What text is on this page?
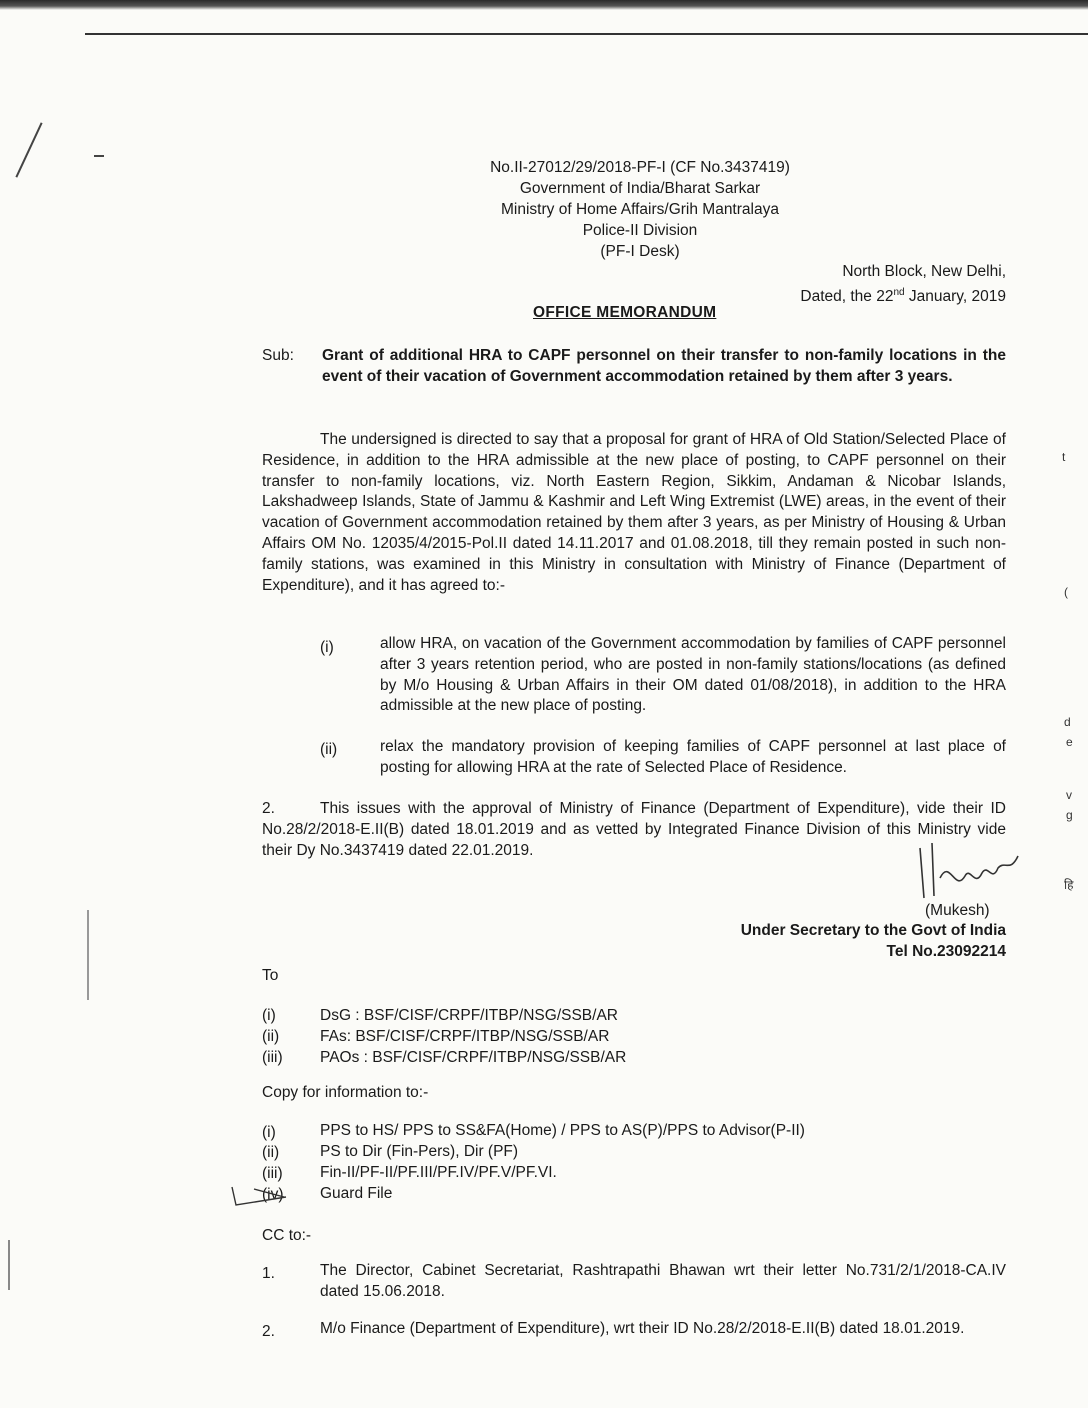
t
(
d
e
v
g
हि
No.II-27012/29/2018-PF-I (CF No.3437419)
Government of India/Bharat Sarkar
Ministry of Home Affairs/Grih Mantralaya
Police-II Division
(PF-I Desk)
North Block, New Delhi,
Dated, the 22nd January, 2019
OFFICE MEMORANDUM
Sub: Grant of additional HRA to CAPF personnel on their transfer to non-family locations in the event of their vacation of Government accommodation retained by them after 3 years.
The undersigned is directed to say that a proposal for grant of HRA of Old Station/Selected Place of Residence, in addition to the HRA admissible at the new place of posting, to CAPF personnel on their transfer to non-family locations, viz. North Eastern Region, Sikkim, Andaman & Nicobar Islands, Lakshadweep Islands, State of Jammu & Kashmir and Left Wing Extremist (LWE) areas, in the event of their vacation of Government accommodation retained by them after 3 years, as per Ministry of Housing & Urban Affairs OM No. 12035/4/2015-Pol.II dated 14.11.2017 and 01.08.2018, till they remain posted in such non-family stations, was examined in this Ministry in consultation with Ministry of Finance (Department of Expenditure), and it has agreed to:-
(i)	allow HRA, on vacation of the Government accommodation by families of CAPF personnel after 3 years retention period, who are posted in non-family stations/locations (as defined by M/o Housing & Urban Affairs in their OM dated 01/08/2018), in addition to the HRA admissible at the new place of posting.
(ii)	relax the mandatory provision of keeping families of CAPF personnel at last place of posting for allowing HRA at the rate of Selected Place of Residence.
2.	This issues with the approval of Ministry of Finance (Department of Expenditure), vide their ID No.28/2/2018-E.II(B) dated 18.01.2019 and as vetted by Integrated Finance Division of this Ministry vide their Dy No.3437419 dated 22.01.2019.
(Mukesh)
Under Secretary to the Govt of India
Tel No.23092214
To
(i)	DsG : BSF/CISF/CRPF/ITBP/NSG/SSB/AR
(ii)	FAs: BSF/CISF/CRPF/ITBP/NSG/SSB/AR
(iii) PAOs : BSF/CISF/CRPF/ITBP/NSG/SSB/AR
Copy for information to:-
(i)	PPS to HS/ PPS to SS&FA(Home) / PPS to AS(P)/PPS to Advisor(P-II)
(ii)	PS to Dir (Fin-Pers), Dir (PF)
(iii) Fin-II/PF-II/PF.III/PF.IV/PF.V/PF.VI.
(iv) Guard File
CC to:-
1.	The Director, Cabinet Secretariat, Rashtrapathi Bhawan wrt their letter No.731/2/1/2018-CA.IV dated 15.06.2018.
2.	M/o Finance (Department of Expenditure), wrt their ID No.28/2/2018-E.II(B) dated 18.01.2019.
